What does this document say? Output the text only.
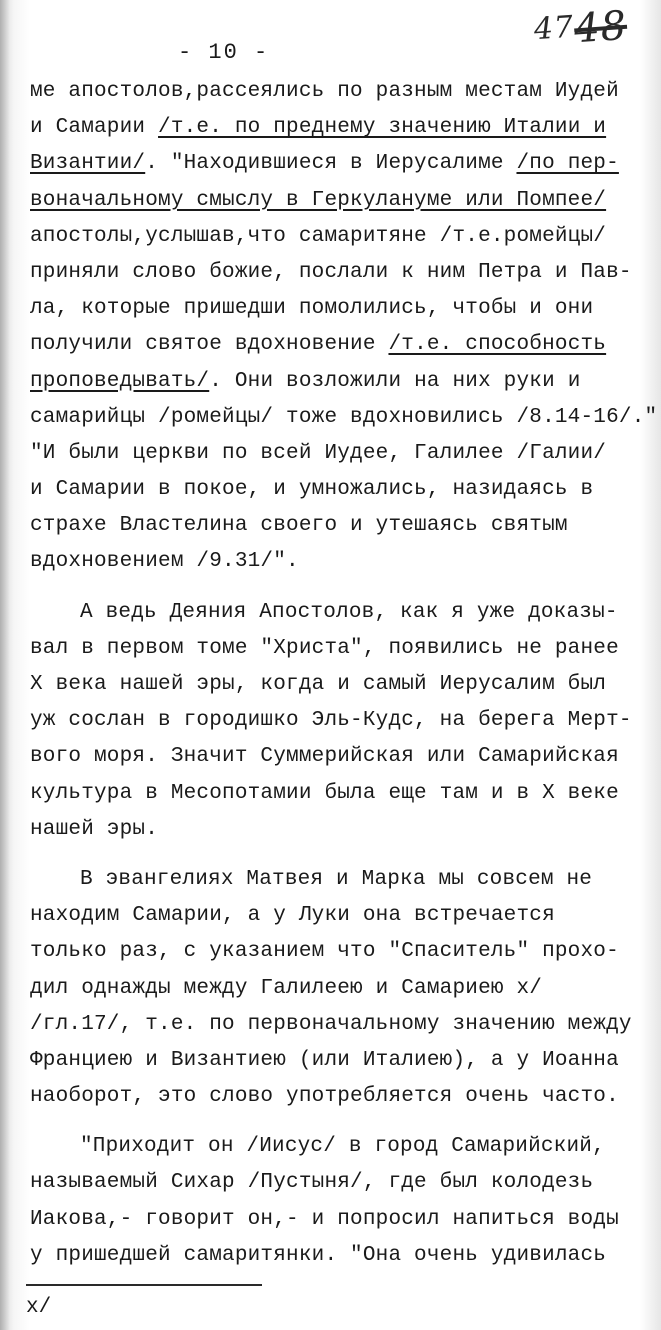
- 10 -
4748
ме апостолов,рассеялись по разным местам Иудей
и Самарии /т.е. по преднему значению Италии и
Византии/. "Находившиеся в Иерусалиме /по пер-
воначальному смыслу в Геркулануме или Помпее/
апостолы,услышав,что самаритяне /т.е.ромейцы/
приняли слово божие, послали к ним Петра и Пав-
ла, которые пришедши помолились, чтобы и они
получили святое вдохновение /т.е. способность
проповедывать/. Они возложили на них руки и
самарийцы /ромейцы/ тоже вдохновились /8.14-16/."
"И были церкви по всей Иудее, Галилее /Галии/
и Самарии в покое, и умножались, назидаясь в
страхе Властелина своего и утешаясь святым
вдохновением /9.31/".
А ведь Деяния Апостолов, как я уже доказы-
вал в первом томе "Христа", появились не ранее
X века нашей эры, когда и самый Иерусалим был
уж сослан в городишко Эль-Кудс, на берега Мерт-
вого моря. Значит Суммерийская или Самарийская
культура в Месопотамии была еще там и в X веке
нашей эры.
В эвангелиях Матвея и Марка мы совсем не
находим Самарии, а у Луки она встречается
только раз, с указанием что "Спаситель" прохо-
дил однажды между Галилеею и Самариею х/
/гл.17/, т.е. по первоначальному значению между
Франциею и Византиею (или Италиею), а у Иоанна
наоборот, это слово употребляется очень часто.
"Приходит он /Иисус/ в город Самарийский,
называемый Сихар /Пустыня/, где был колодезь
Иакова,- говорит он,- и попросил напиться воды
у пришедшей самаритянки. "Она очень удивилась
х/
